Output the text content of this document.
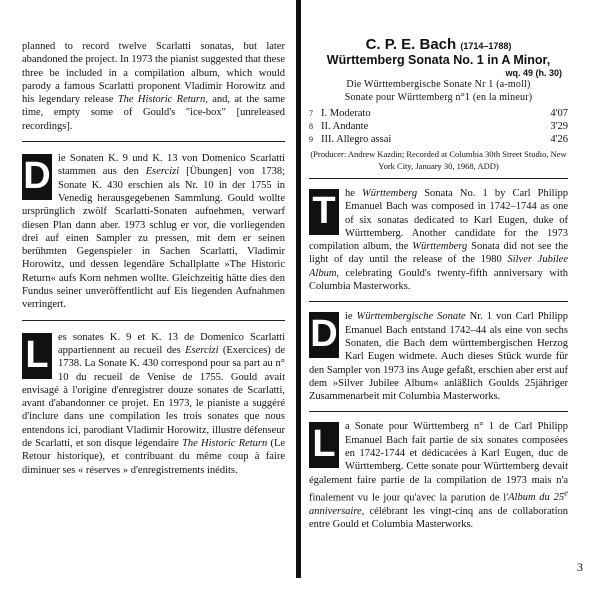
planned to record twelve Scarlatti sonatas, but later abandoned the project. In 1973 the pianist suggested that these three be included in a compilation album, which would parody a famous Scarlatti proponent Vladimir Horowitz and his legendary release The Historic Return, and, at the same time, empty some of Gould's "ice-box" [unreleased recordings].

D ie Sonaten K. 9 und K. 13 von Domenico Scarlatti stammen aus den Esercizi [Übungen] von 1738; Sonate K. 430 erschien als Nr. 10 in der 1755 in Venedig herausgegebenen Sammlung. Gould wollte ursprünglich zwölf Scarlatti-Sonaten aufnehmen, verwarf diesen Plan dann aber. 1973 schlug er vor, die vorliegenden drei auf einen Sampler zu pressen, mit dem er seinen berühmten Gegenspieler in Sachen Scarlatti, Vladimir Horowitz, und dessen legendäre Schallplatte »The Historic Return« aufs Korn nehmen wollte. Gleichzeitig hätte dies den Fundus seiner unveröffentlicht auf Eis liegenden Aufnahmen verringert.

L es sonates K. 9 et K. 13 de Domenico Scarlatti appartiennent au recueil des Esercizi (Exercices) de 1738. La Sonate K. 430 correspond pour sa part au n° 10 du recueil de Venise de 1755. Gould avait envisagé à l'origine d'enregistrer douze sonates de Scarlatti, avant d'abandonner ce projet. En 1973, le pianiste a suggéré d'inclure dans une compilation les trois sonates que nous entendons ici, parodiant Vladimir Horowitz, illustre défenseur de Scarlatti, et son disque légendaire The Historic Return (Le Retour historique), et contribuant du même coup à faire diminuer ses « réserves » d'enregistrements inédits.

C. P. E. Bach (1714–1788)
Württemberg Sonata No. 1 in A Minor,
wq. 49 (h. 30)
Die Württembergische Sonate Nr 1 (a-moll)
Sonate pour Württemberg n°1 (en la mineur)
7	I. Moderato	4'07
8	II. Andante	3'29
9	III. Allegro assai	4'26
(Producer: Andrew Kazdin; Recorded at Columbia 30th Street Studio, New York City, January 30, 1968, ADD)
T he Württemberg Sonata No. 1 by Carl Philipp Emanuel Bach was composed in 1742–1744 as one of six sonatas dedicated to Karl Eugen, duke of Württemberg. Another candidate for the 1973 compilation album, the Württemberg Sonata did not see the light of day until the release of the 1980 Silver Jubilee Album, celebrating Gould's twenty-fifth anniversary with Columbia Masterworks.

D ie Württembergische Sonate Nr. 1 von Carl Philipp Emanuel Bach entstand 1742–44 als eine von sechs Sonaten, die Bach dem württembergischen Herzog Karl Eugen widmete. Auch dieses Stück wurde für den Sampler von 1973 ins Auge gefaßt, erschien aber erst auf dem »Silver Jubilee Album« anläßlich Goulds 25jähriger Zusammenarbeit mit Columbia Masterworks.

L a Sonate pour Württemberg n° 1 de Carl Philipp Emanuel Bach fait partie de six sonates composées en 1742-1744 et dédicacées à Karl Eugen, duc de Württemberg. Cette sonate pour Württemberg devait également faire partie de la compilation de 1973 mais n'a finalement vu le jour qu'avec la parution de l'Album du 25e anniversaire, célébrant les vingt-cinq ans de collaboration entre Gould et Columbia Masterworks.

3
